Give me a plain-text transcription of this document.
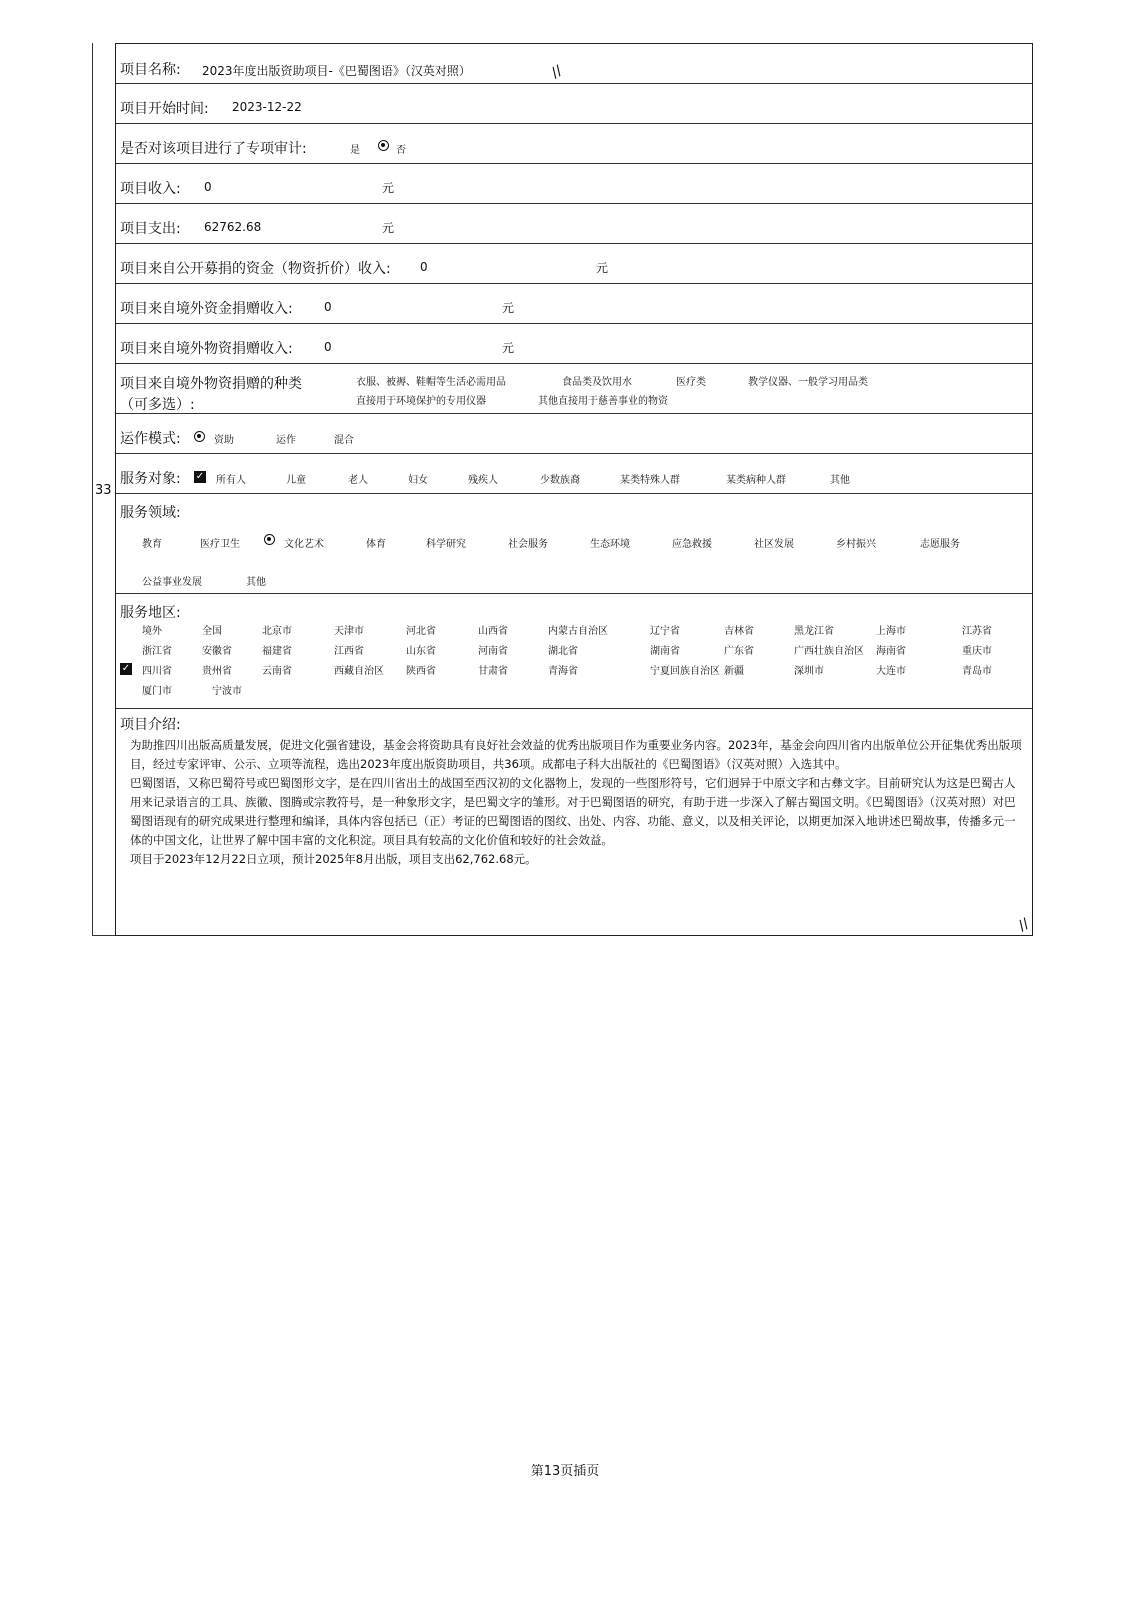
33
项目名称: 2023年度出版资助项目-《巴蜀图语》（汉英对照）	//
项目开始时间: 2023-12-22
是否对该项目进行了专项审计:	是	否
项目收入: 0	元
项目支出: 62762.68	元
项目来自公开募捐的资金（物资折价）收入: 0	元
项目来自境外资金捐赠收入:	0	元
项目来自境外物资捐赠收入:	0	元
项目来自境外物资捐赠的种类
（可多选）:
衣服、被褥、鞋帽等生活必需用品	食品类及饮用水	医疗类	教学仪器、一般学习用品类
直接用于环境保护的专用仪器	其他直接用于慈善事业的物资
运作模式:	资助	运作	混合
服务对象: ✓ 所有人	儿童	老人	妇女	残疾人	少数族裔	某类特殊人群	某类病种人群	其他
服务领域:
教育	医疗卫生	文化艺术	体育	科学研究	社会服务	生态环境	应急救援	社区发展	乡村振兴	志愿服务
公益事业发展	其他
服务地区:
境外	全国	北京市	天津市	河北省	山西省	内蒙古自治区	辽宁省	吉林省	黑龙江省	上海市	江苏省
浙江省	安徽省	福建省	江西省	山东省	河南省	湖北省	湖南省	广东省	广西壮族自治区 海南省	重庆市
✓ 四川省	贵州省	云南省	西藏自治区 陕西省	甘肃省	青海省	宁夏回族自治区 新疆	深圳市	大连市	青岛市
厦门市	宁波市
项目介绍:

为助推四川出版高质量发展，促进文化强省建设，基金会将资助具有良好社会效益的优秀出版项目作为重要业务内容。2023年，基金会向四川省内出版单位公开征集优秀出版项目，经过专家评审、公示、立项等流程，选出2023年度出版资助项目，共36项。成都电子科大出版社的《巴蜀图语》（汉英对照）入选其中。

巴蜀图语，又称巴蜀符号或巴蜀图形文字，是在四川省出土的战国至西汉初的文化器物上，发现的一些图形符号，它们迥异于中原文字和古彝文字。目前研究认为这是巴蜀古人用来记录语言的工具、族徽、图腾或宗教符号，是一种象形文字，是巴蜀文字的雏形。对于巴蜀图语的研究，有助于进一步深入了解古蜀国文明。《巴蜀图语》（汉英对照）对巴蜀图语现有的研究成果进行整理和编译，具体内容包括已（正）考证的巴蜀图语的图纹、出处、内容、功能、意义，以及相关评论，以期更加深入地讲述巴蜀故事，传播多元一体的中国文化，让世界了解中国丰富的文化积淀。项目具有较高的文化价值和较好的社会效益。

项目于2023年12月22日立项，预计2025年8月出版，项目支出62,762.68元。

//
第13页插页
